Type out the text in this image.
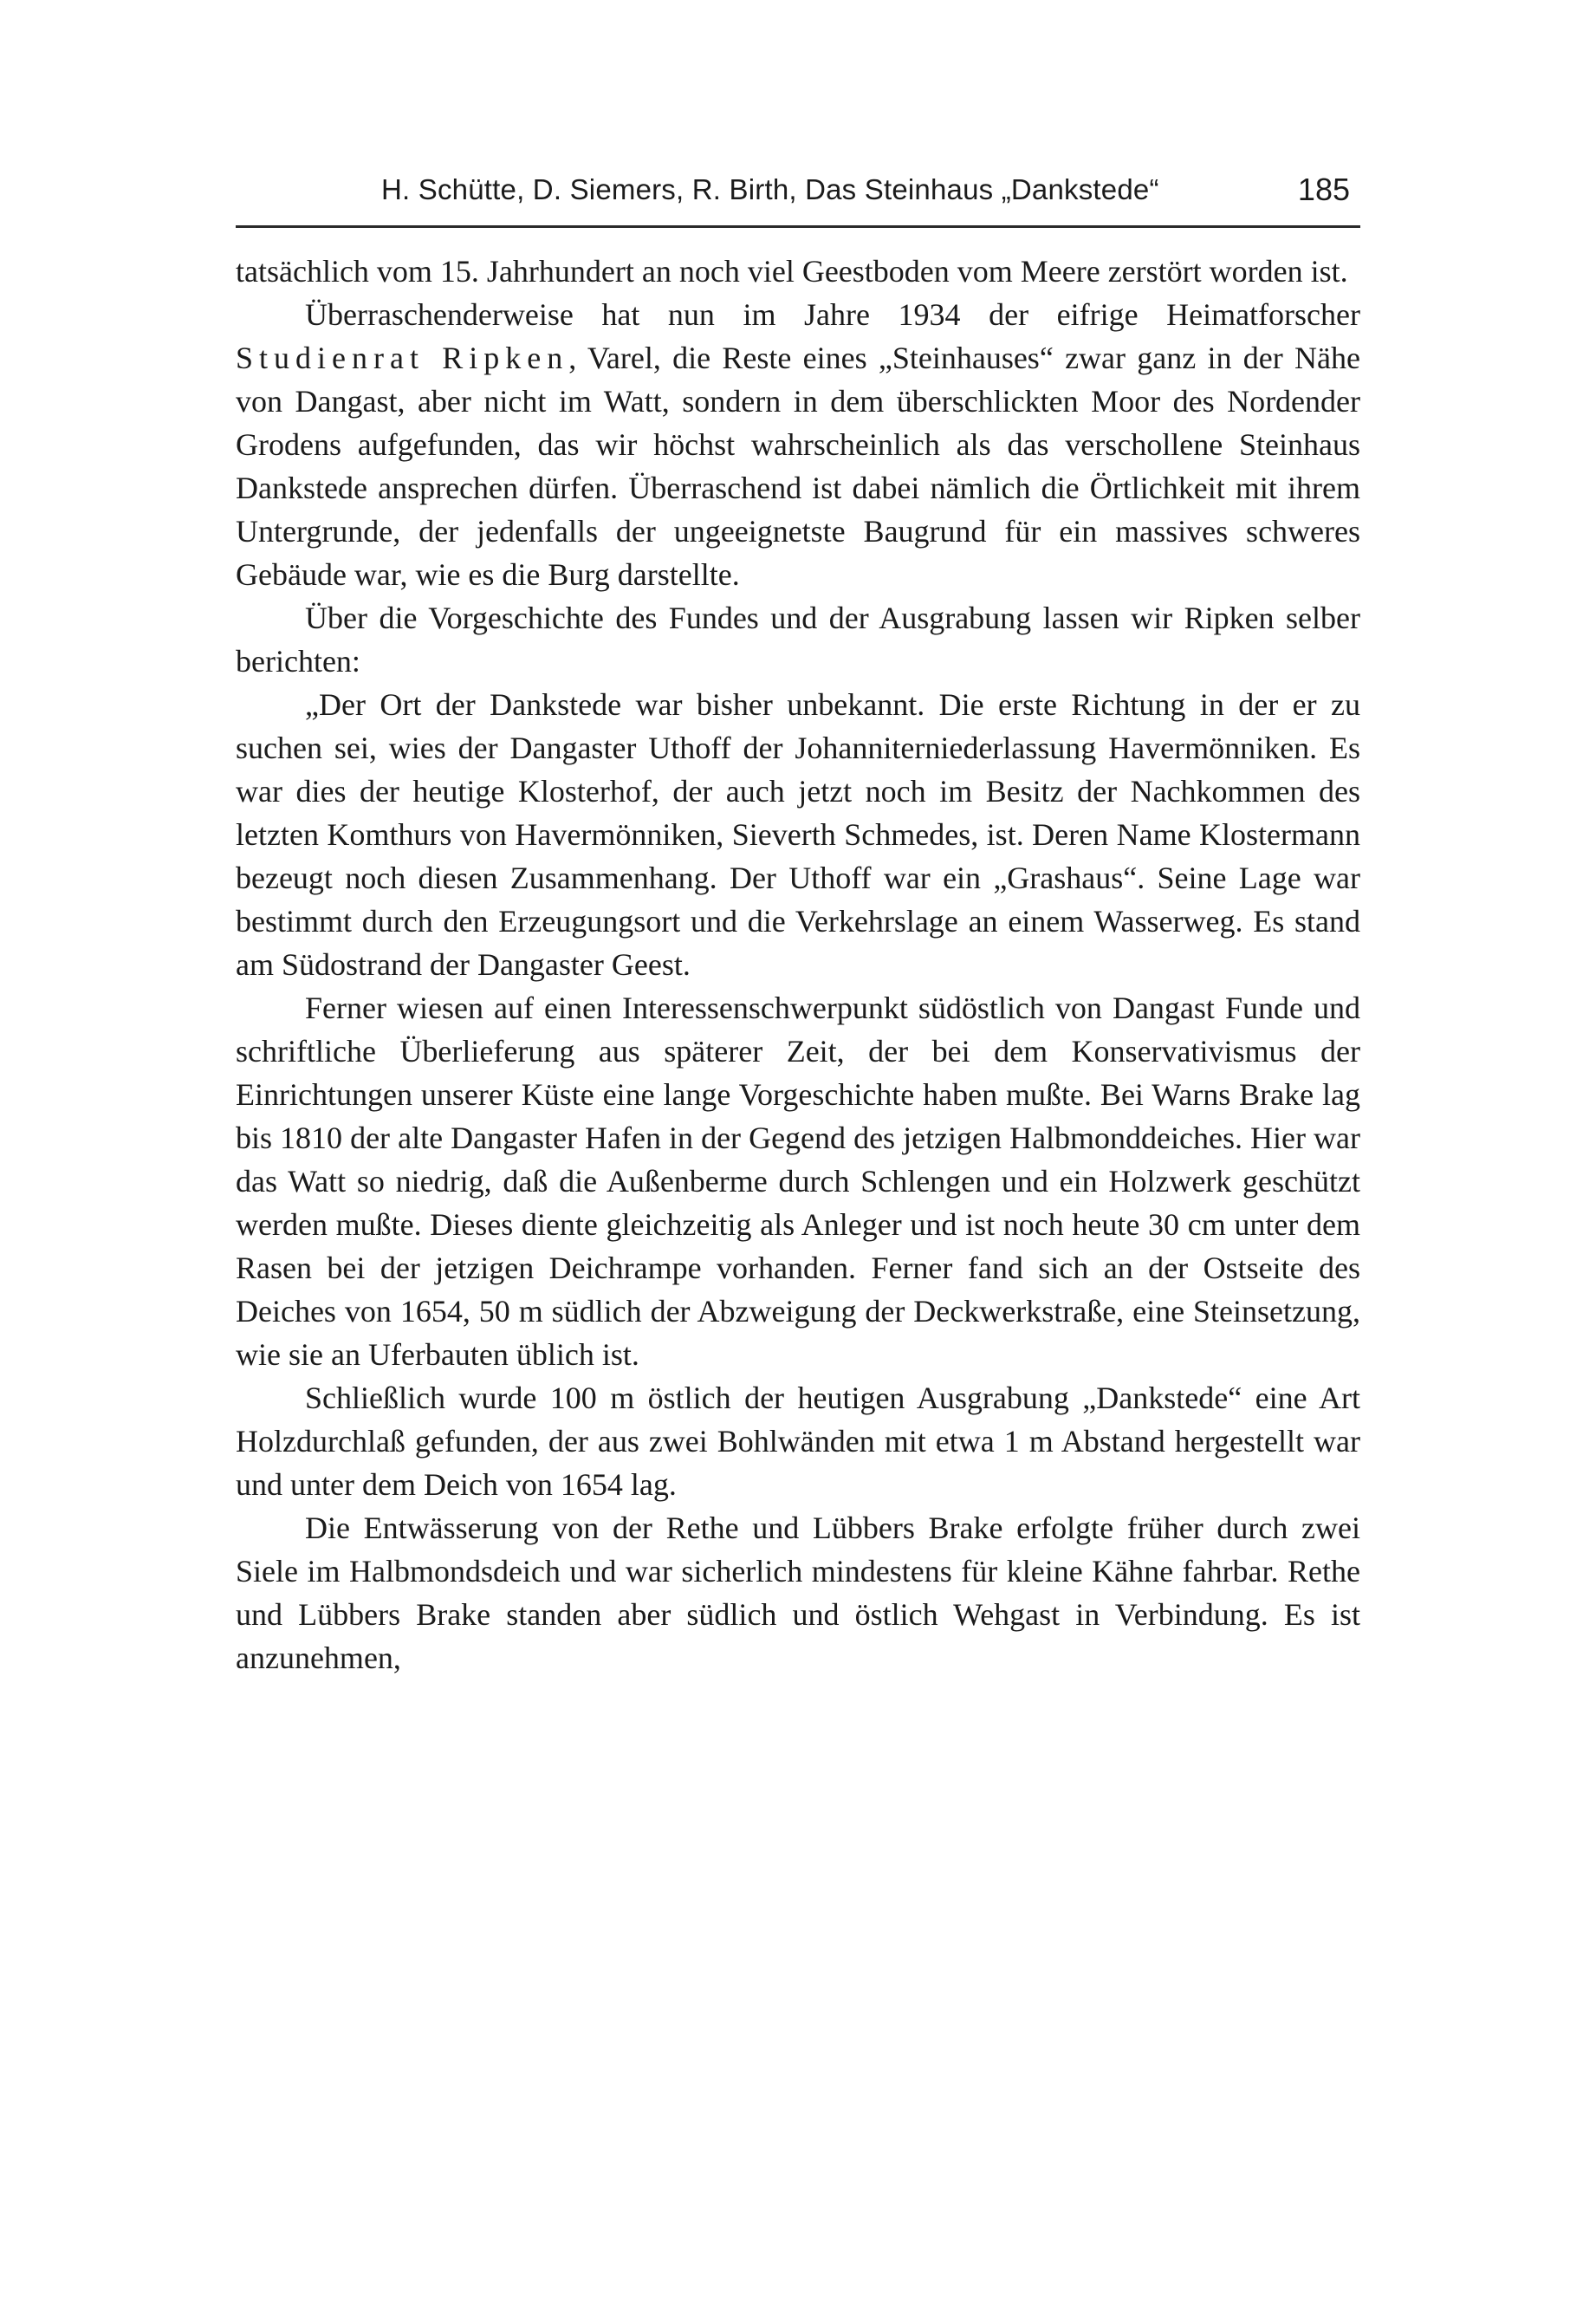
H. Schütte, D. Siemers, R. Birth, Das Steinhaus „Dankstede“	185

tatsächlich vom 15. Jahrhundert an noch viel Geestboden vom Meere zerstört worden ist.

Überraschenderweise hat nun im Jahre 1934 der eifrige Heimatforscher Studienrat Ripken, Varel, die Reste eines „Steinhauses“ zwar ganz in der Nähe von Dangast, aber nicht im Watt, sondern in dem überschlickten Moor des Nordender Grodens aufgefunden, das wir höchst wahrscheinlich als das verschollene Steinhaus Dankstede ansprechen dürfen. Überraschend ist dabei nämlich die Örtlichkeit mit ihrem Untergrunde, der jedenfalls der ungeeignetste Baugrund für ein massives schweres Gebäude war, wie es die Burg darstellte.

Über die Vorgeschichte des Fundes und der Ausgrabung lassen wir Ripken selber berichten:

„Der Ort der Dankstede war bisher unbekannt. Die erste Richtung in der er zu suchen sei, wies der Dangaster Uthoff der Johanniterniederlassung Havermönniken. Es war dies der heutige Klosterhof, der auch jetzt noch im Besitz der Nachkommen des letzten Komthurs von Havermönniken, Sieverth Schmedes, ist. Deren Name Klostermann bezeugt noch diesen Zusammenhang. Der Uthoff war ein „Grashaus“. Seine Lage war bestimmt durch den Erzeugungsort und die Verkehrslage an einem Wasserweg. Es stand am Südostrand der Dangaster Geest.

Ferner wiesen auf einen Interessenschwerpunkt südöstlich von Dangast Funde und schriftliche Überlieferung aus späterer Zeit, der bei dem Konservativismus der Einrichtungen unserer Küste eine lange Vorgeschichte haben mußte. Bei Warns Brake lag bis 1810 der alte Dangaster Hafen in der Gegend des jetzigen Halbmonddeiches. Hier war das Watt so niedrig, daß die Außenberme durch Schlengen und ein Holzwerk geschützt werden mußte. Dieses diente gleichzeitig als Anleger und ist noch heute 30 cm unter dem Rasen bei der jetzigen Deichrampe vorhanden. Ferner fand sich an der Ostseite des Deiches von 1654, 50 m südlich der Abzweigung der Deckwerkstraße, eine Steinsetzung, wie sie an Uferbauten üblich ist.

Schließlich wurde 100 m östlich der heutigen Ausgrabung „Dankstede“ eine Art Holzdurchlaß gefunden, der aus zwei Bohlwänden mit etwa 1 m Abstand hergestellt war und unter dem Deich von 1654 lag.

Die Entwässerung von der Rethe und Lübbers Brake erfolgte früher durch zwei Siele im Halbmondsdeich und war sicherlich mindestens für kleine Kähne fahrbar. Rethe und Lübbers Brake standen aber südlich und östlich Wehgast in Verbindung. Es ist anzunehmen,
